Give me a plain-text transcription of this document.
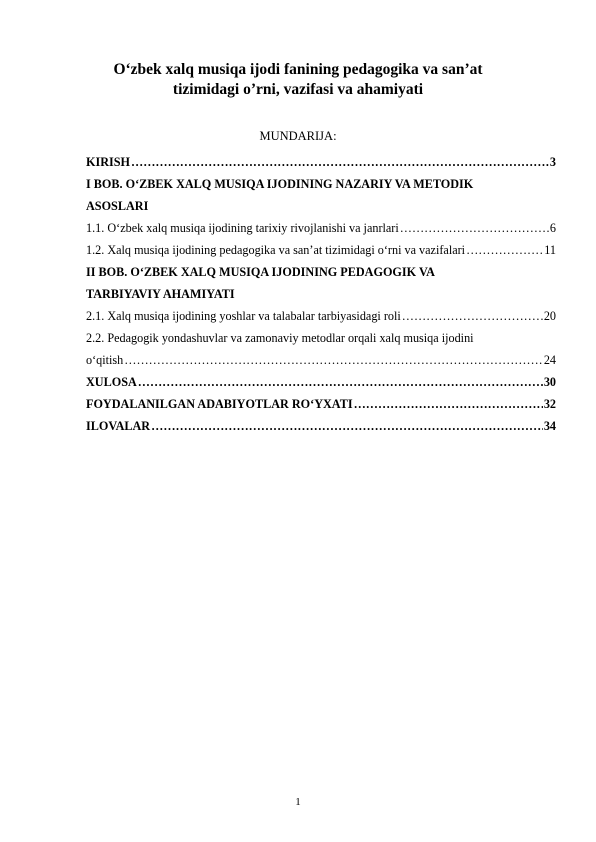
O‘zbek xalq musiqa ijodi fanining pedagogika va san’at
tizimidagi o’rni, vazifasi va ahamiyati
MUNDARIJA:
KIRISH ………………………………………………………………………………………………………………………………………………………………………………………	3
I BOB. O‘ZBEK XALQ MUSIQA IJODINING NAZARIY VA METODIK
ASOSLARI
1.1. O‘zbek xalq musiqa ijodining tarixiy rivojlanishi va janrlari ………………………………………………………………………………………………………………………………………………………………………………………	6
1.2. Xalq musiqa ijodining pedagogika va san’at tizimidagi o‘rni va vazifalari ………………………………………………………………………………………………………………………………………………………………………………………	11
II BOB. O‘ZBEK XALQ MUSIQA IJODINING PEDAGOGIK VA
TARBIYAVIY AHAMIYATI
2.1. Xalq musiqa ijodining yoshlar va talabalar tarbiyasidagi roli ………………………………………………………………………………………………………………………………………………………………………………………	20
2.2. Pedagogik yondashuvlar va zamonaviy metodlar orqali xalq musiqa ijodini
o‘qitish ………………………………………………………………………………………………………………………………………………………………………………………	24
XULOSA ………………………………………………………………………………………………………………………………………………………………………………………	30
FOYDALANILGAN ADABIYOTLAR RO‘YXATI ………………………………………………………………………………………………………………………………………………………………………………………	32
ILOVALAR ………………………………………………………………………………………………………………………………………………………………………………………	34
1
